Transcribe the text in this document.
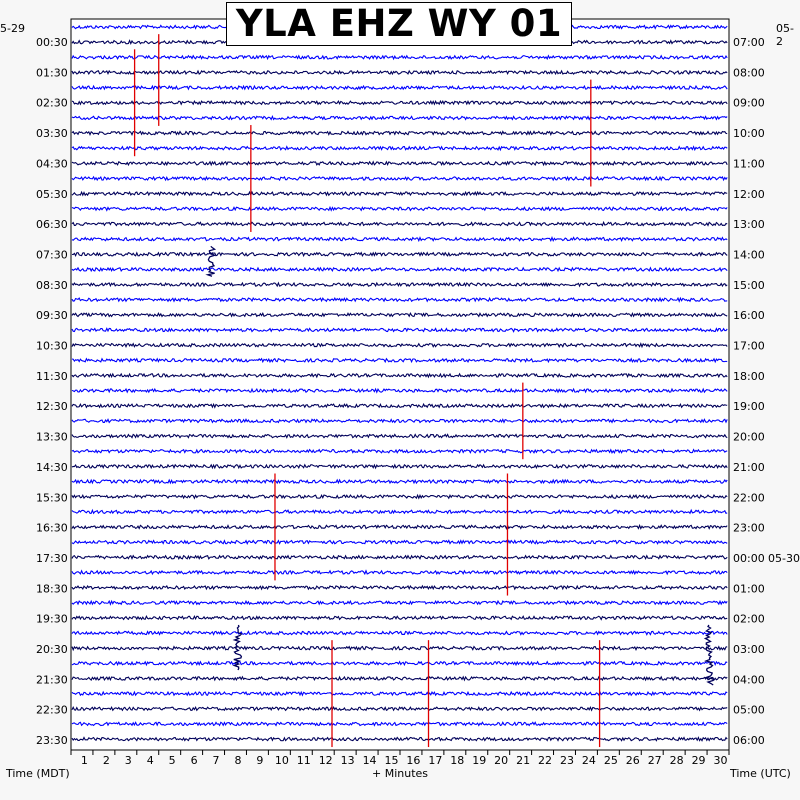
1 2 3 4 5 6 7 8 9 10 11 12 13 14 15 16 17 18 19 20 21 22 23 24 25 26 27 28 29 30
00:30
01:30
02:30
03:30
04:30
05:30
06:30
07:30
08:30
09:30
10:30
11:30
12:30
13:30
14:30
15:30
16:30
17:30
18:30
19:30
20:30
21:30
22:30
23:30
07:00
08:00
09:00
10:00
11:00
12:00
13:00
14:00
15:00
16:00
17:00
18:00
19:00
20:00
21:00
22:00
23:00
00:00 05-30
01:00
02:00
03:00
04:00
05:00
06:00
YLA EHZ WY 01
5-29	05-2
Time (MDT)	+ Minutes	Time (UTC)
